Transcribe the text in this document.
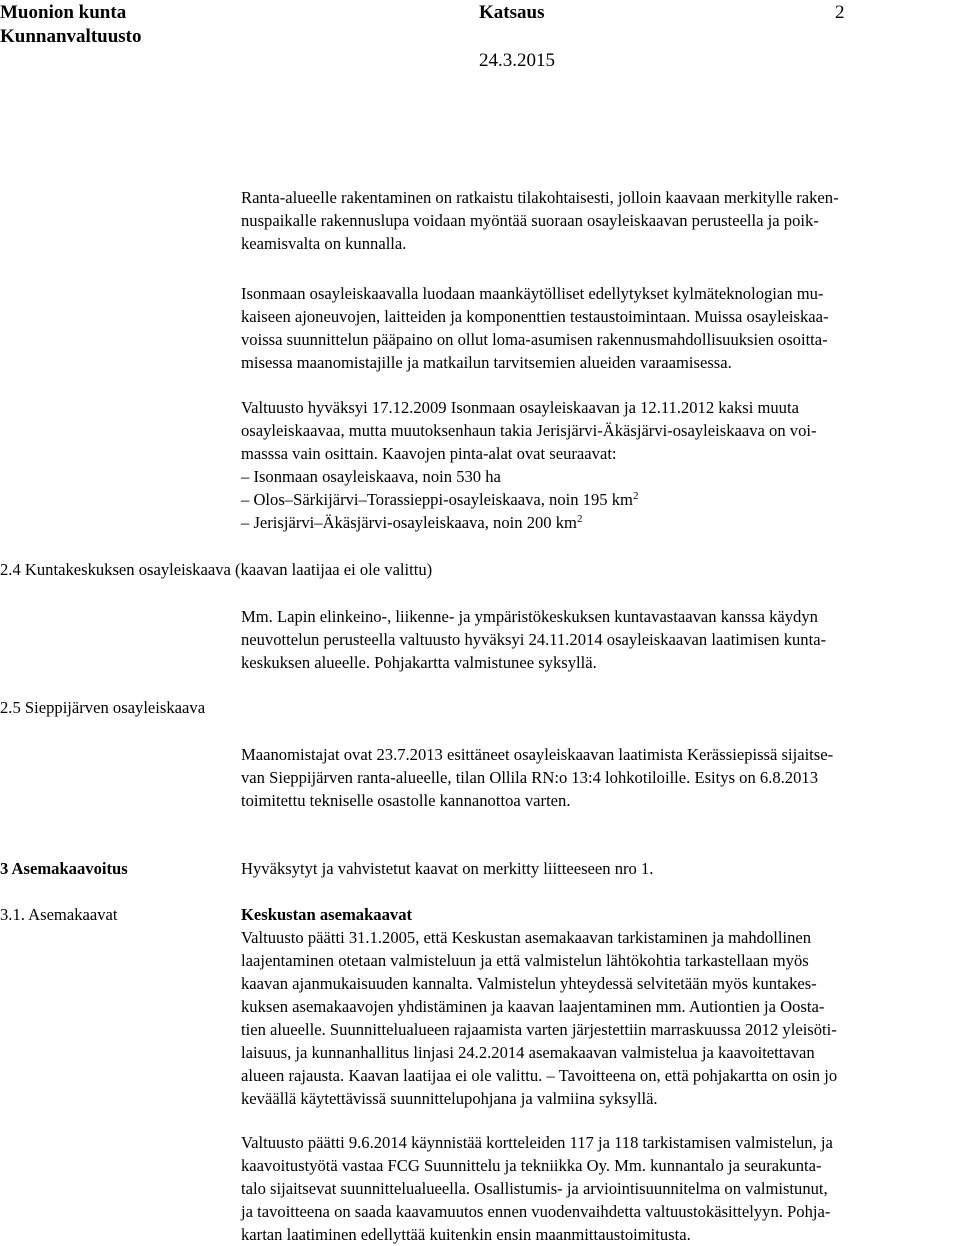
Muonion kunta
Kunnanvaltuusto
Katsaus	2
24.3.2015
Ranta-alueelle rakentaminen on ratkaistu tilakohtaisesti, jolloin kaavaan merkitylle raken-
nuspaikalle rakennuslupa voidaan myöntää suoraan osayleiskaavan perusteella ja poik-
keamisvalta on kunnalla.
Isonmaan osayleiskaavalla luodaan maankäytölliset edellytykset kylmäteknologian mu-
kaiseen ajoneuvojen, laitteiden ja komponenttien testaustoimintaan. Muissa osayleiskaa-
voissa suunnittelun pääpaino on ollut loma-asumisen rakennusmahdollisuuksien osoitta-
misessa maanomistajille ja matkailun tarvitsemien alueiden varaamisessa.
Valtuusto hyväksyi 17.12.2009 Isonmaan osayleiskaavan ja 12.11.2012 kaksi muuta
osayleiskaavaa, mutta muutoksenhaun takia Jerisjärvi-Äkäsjärvi-osayleiskaava on voi-
masssa vain osittain. Kaavojen pinta-alat ovat seuraavat:
– Isonmaan osayleiskaava, noin 530 ha
– Olos–Särkijärvi–Torassieppi-osayleiskaava, noin 195 $km^2$
– Jerisjärvi–Äkäsjärvi-osayleiskaava, noin 200 $km^2$
2.4 Kuntakeskuksen osayleiskaava (kaavan laatijaa ei ole valittu)
Mm. Lapin elinkeino-, liikenne- ja ympäristökeskuksen kuntavastaavan kanssa käydyn
neuvottelun perusteella valtuusto hyväksyi 24.11.2014 osayleiskaavan laatimisen kunta-
keskuksen alueelle. Pohjakartta valmistunee syksyllä.
2.5 Sieppijärven osayleiskaava
Maanomistajat ovat 23.7.2013 esittäneet osayleiskaavan laatimista Kerässiepissä sijaitse-
van Sieppijärven ranta-alueelle, tilan Ollila RN:o 13:4 lohkotiloille. Esitys on 6.8.2013
toimitettu tekniselle osastolle kannanottoa varten.
3 Asemakaavoitus	Hyväksytyt ja vahvistetut kaavat on merkitty liitteeseen nro 1.
3.1. Asemakaavat	Keskustan asemakaavat
Valtuusto päätti 31.1.2005, että Keskustan asemakaavan tarkistaminen ja mahdollinen
laajentaminen otetaan valmisteluun ja että valmistelun lähtökohtia tarkastellaan myös
kaavan ajanmukaisuuden kannalta. Valmistelun yhteydessä selvitetään myös kuntakes-
kuksen asemakaavojen yhdistäminen ja kaavan laajentaminen mm. Autiontien ja Oosta-
tien alueelle. Suunnittelualueen rajaamista varten järjestettiin marraskuussa 2012 yleisöti-
laisuus, ja kunnanhallitus linjasi 24.2.2014 asemakaavan valmistelua ja kaavoitettavan
alueen rajausta. Kaavan laatijaa ei ole valittu. – Tavoitteena on, että pohjakartta on osin jo
keväällä käytettävissä suunnittelupohjana ja valmiina syksyllä.
Valtuusto päätti 9.6.2014 käynnistää kortteleiden 117 ja 118 tarkistamisen valmistelun, ja
kaavoitustyötä vastaa FCG Suunnittelu ja tekniikka Oy. Mm. kunnantalo ja seurakunta-
talo sijaitsevat suunnittelualueella. Osallistumis- ja arviointisuunnitelma on valmistunut,
ja tavoitteena on saada kaavamuutos ennen vuodenvaihdetta valtuustokäsittelyyn. Pohja-
kartan laatiminen edellyttää kuitenkin ensin maanmittaustoimitusta.
